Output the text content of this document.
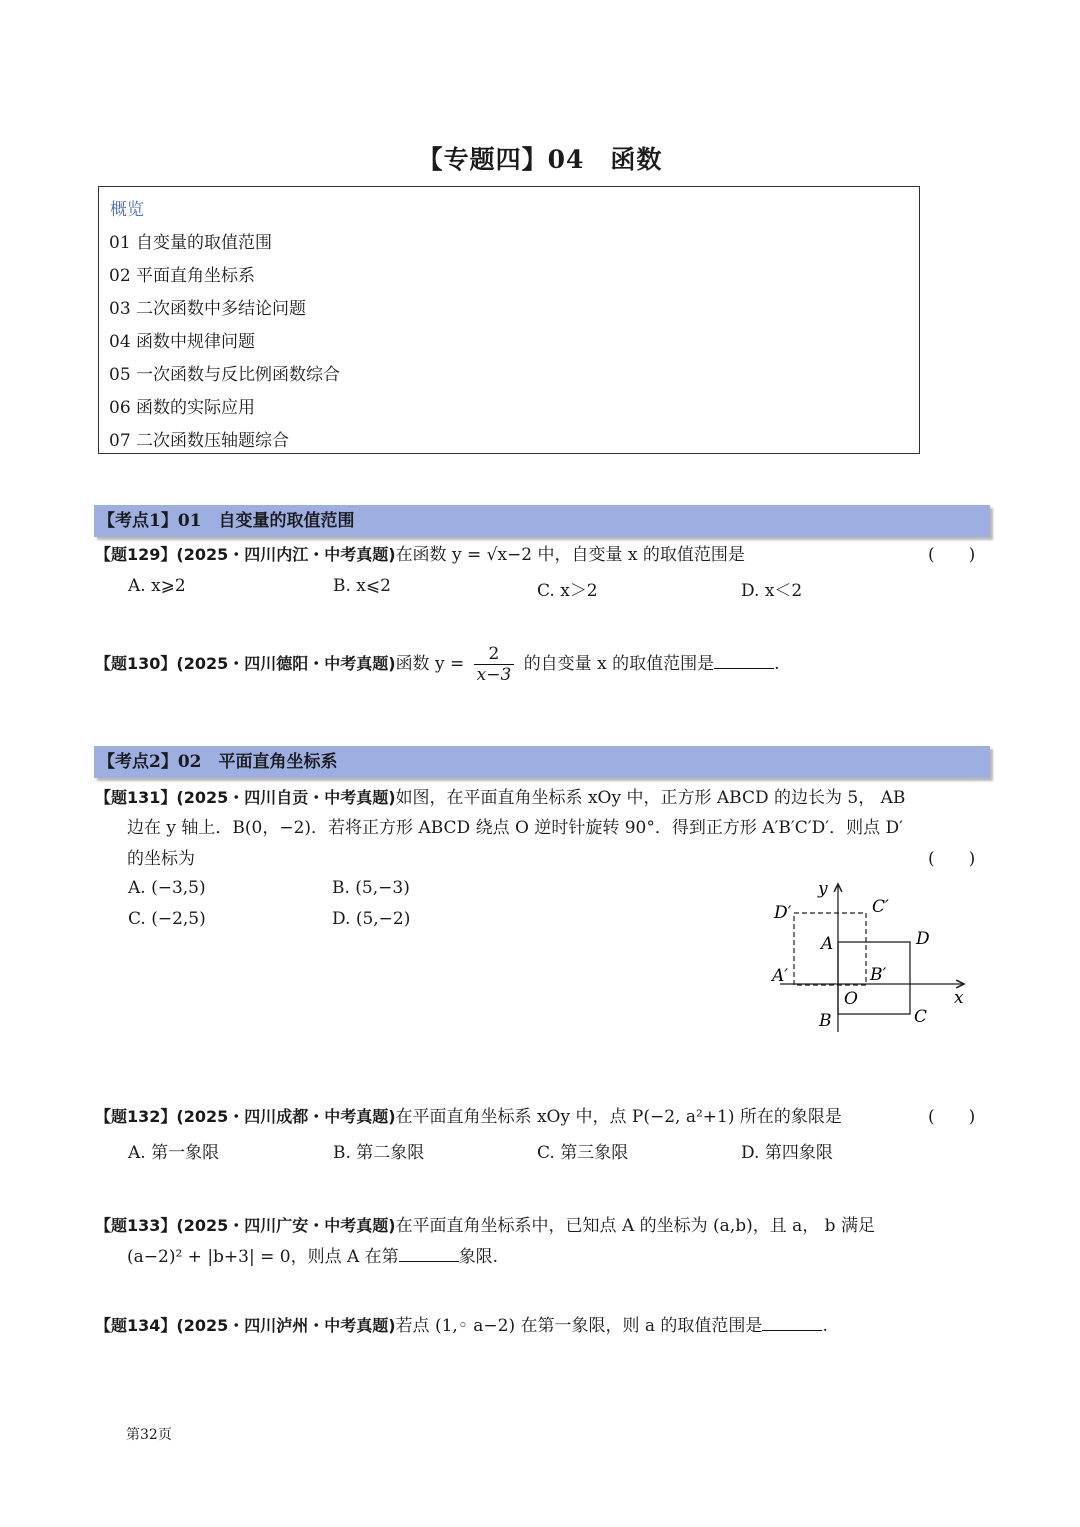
【专题四】04　函数
概览
01 自变量的取值范围
02 平面直角坐标系
03 二次函数中多结论问题
04 函数中规律问题
05 一次函数与反比例函数综合
06 函数的实际应用
07 二次函数压轴题综合
【考点1】01　自变量的取值范围
【题129】(2025・四川内江・中考真题)在函数 y = √x−2 中，自变量 x 的取值范围是	(　　)
A. x⩾2	B. x⩽2	C. x＞2	D. x＜2
【题130】(2025・四川德阳・中考真题)函数 $y = \frac{2}{x-3}$ 的自变量 x 的取值范围是	.
【考点2】02　平面直角坐标系
【题131】(2025・四川自贡・中考真题)如图，在平面直角坐标系 xOy 中，正方形 ABCD 的边长为 5， AB
边在 y 轴上．B(0，−2)．若将正方形 ABCD 绕点 O 逆时针旋转 90°．得到正方形 A′B′C′D′．则点 D′
的坐标为	(　　)
A. (−3,5)	B. (5,−3)
C. (−2,5)	D. (5,−2)
y
x
O
A
B	C
D
A′	B′
C′
D′
【题132】(2025・四川成都・中考真题)在平面直角坐标系 xOy 中，点 P(−2, a²+1) 所在的象限是	(　　)
A. 第一象限	B. 第二象限	C. 第三象限	D. 第四象限
【题133】(2025・四川广安・中考真题)在平面直角坐标系中，已知点 A 的坐标为 (a,b)，且 a， b 满足
(a−2)² + |b+3| = 0，则点 A 在第	象限.
【题134】(2025・四川泸州・中考真题)若点 (1,◦ a−2) 在第一象限，则 a 的取值范围是	.
第32页
